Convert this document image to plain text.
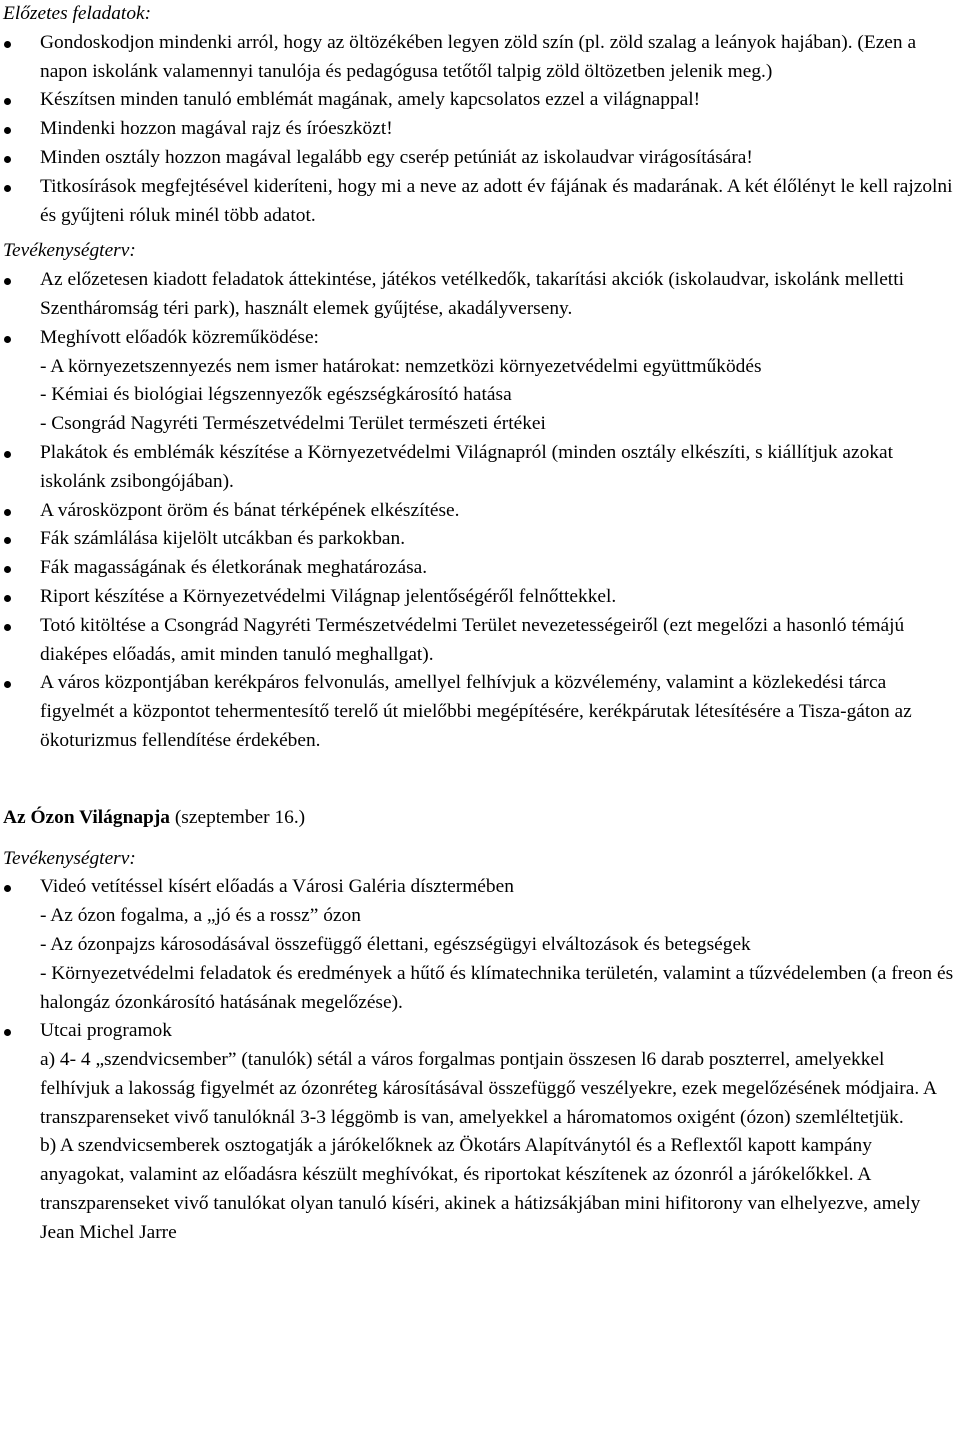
Előzetes feladatok:

Gondoskodjon mindenki arról, hogy az öltözékében legyen zöld szín (pl. zöld szalag a leányok hajában). (Ezen a napon iskolánk valamennyi tanulója és pedagógusa tetőtől talpig zöld öltözetben jelenik meg.)
Készítsen minden tanuló emblémát magának, amely kapcsolatos ezzel a világnappal!
Mindenki hozzon magával rajz és íróeszközt!
Minden osztály hozzon magával legalább egy cserép petúniát az iskolaudvar virágosítására!
Titkosírások megfejtésével kideríteni, hogy mi a neve az adott év fájának és madarának. A két élőlényt le kell rajzolni és gyűjteni róluk minél több adatot.

Tevékenységterv:

Az előzetesen kiadott feladatok áttekintése, játékos vetélkedők, takarítási akciók (iskolaudvar, iskolánk melletti Szentháromság téri park), használt elemek gyűjtése, akadályverseny.
Meghívott előadók közreműködése:
- A környezetszennyezés nem ismer határokat: nemzetközi környezetvédelmi együttműködés
- Kémiai és biológiai légszennyezők egészségkárosító hatása
- Csongrád Nagyréti Természetvédelmi Terület természeti értékei
Plakátok és emblémák készítése a Környezetvédelmi Világnapról (minden osztály elkészíti, s kiállítjuk azokat iskolánk zsibongójában).
A városközpont öröm és bánat térképének elkészítése.
Fák számlálása kijelölt utcákban és parkokban.
Fák magasságának és életkorának meghatározása.
Riport készítése a Környezetvédelmi Világnap jelentőségéről felnőttekkel.
Totó kitöltése a Csongrád Nagyréti Természetvédelmi Terület nevezetességeiről (ezt megelőzi a hasonló témájú diaképes előadás, amit minden tanuló meghallgat).
A város központjában kerékpáros felvonulás, amellyel felhívjuk a közvélemény, valamint a közlekedési tárca figyelmét a központot tehermentesítő terelő út mielőbbi megépítésére, kerékpárutak létesítésére a Tisza-gáton az ökoturizmus fellendítése érdekében.

Az Ózon Világnapja (szeptember 16.)

Tevékenységterv:

Videó vetítéssel kísért előadás a Városi Galéria dísztermében
- Az ózon fogalma, a „jó és a rossz” ózon
- Az ózonpajzs károsodásával összefüggő élettani, egészségügyi elváltozások és betegségek
- Környezetvédelmi feladatok és eredmények a hűtő és klímatechnika területén, valamint a tűzvédelemben (a freon és halongáz ózonkárosító hatásának megelőzése).
Utcai programok
a) 4- 4 „szendvicsember” (tanulók) sétál a város forgalmas pontjain összesen l6 darab poszterrel, amelyekkel felhívjuk a lakosság figyelmét az ózonréteg károsításával összefüggő veszélyekre, ezek megelőzésének módjaira. A transzparenseket vivő tanulóknál 3-3 léggömb is van, amelyekkel a háromatomos oxigént (ózon) szemléltetjük.
b) A szendvicsemberek osztogatják a járókelőknek az Ökotárs Alapítványtól és a Reflextől kapott kampány anyagokat, valamint az előadásra készült meghívókat, és riportokat készítenek az ózonról a járókelőkkel. A transzparenseket vivő tanulókat olyan tanuló kíséri, akinek a hátizsákjában mini hifitorony van elhelyezve, amely Jean Michel Jarre
